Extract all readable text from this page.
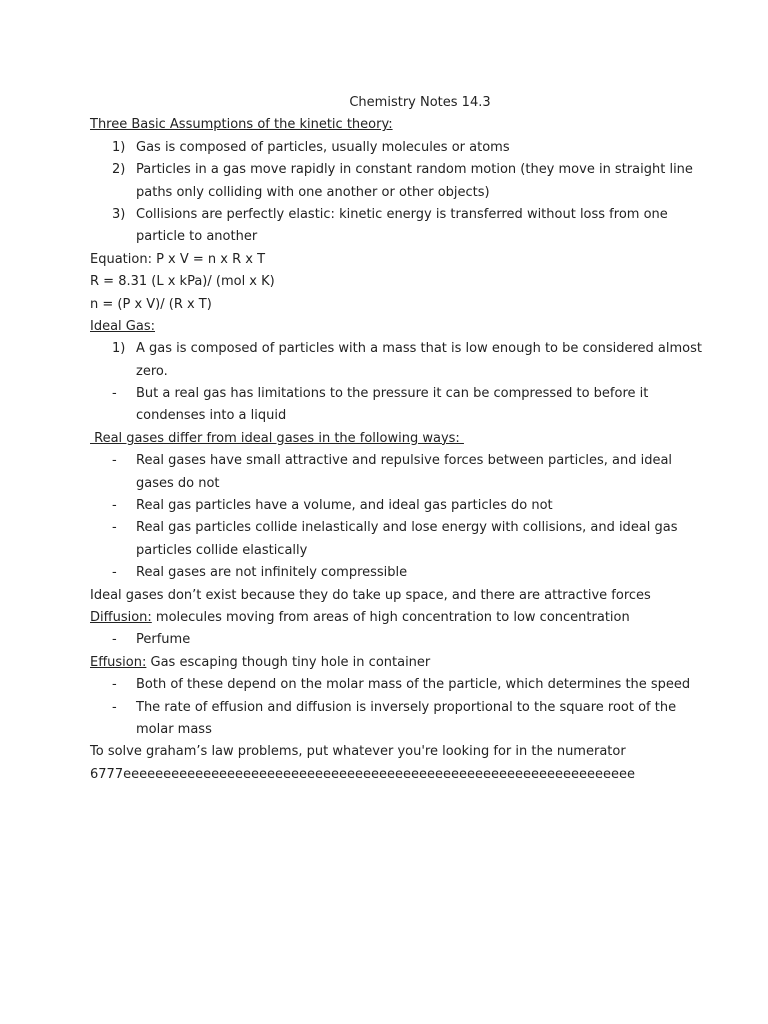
Chemistry Notes 14.3
Three Basic Assumptions of the kinetic theory:
1) Gas is composed of particles, usually molecules or atoms
2) Particles in a gas move rapidly in constant random motion (they move in straight line
paths only colliding with one another or other objects)
3) Collisions are perfectly elastic: kinetic energy is transferred without loss from one
particle to another
Equation: P x V = n x R x T
R = 8.31 (L x kPa)/ (mol x K)
n = (P x V)/ (R x T)
Ideal Gas:
1) A gas is composed of particles with a mass that is low enough to be considered almost
zero.
- But a real gas has limitations to the pressure it can be compressed to before it
condenses into a liquid
Real gases differ from ideal gases in the following ways:
- Real gases have small attractive and repulsive forces between particles, and ideal
gases do not
- Real gas particles have a volume, and ideal gas particles do not
- Real gas particles collide inelastically and lose energy with collisions, and ideal gas
particles collide elastically
- Real gases are not infinitely compressible
Ideal gases don’t exist because they do take up space, and there are attractive forces
Diffusion: molecules moving from areas of high concentration to low concentration
- Perfume
Effusion: Gas escaping though tiny hole in container
- Both of these depend on the molar mass of the particle, which determines the speed
- The rate of effusion and diffusion is inversely proportional to the square root of the
molar mass
To solve graham’s law problems, put whatever you're looking for in the numerator
6777eeeeeeeeeeeeeeeeeeeeeeeeeeeeeeeeeeeeeeeeeeeeeeeeeeeeeeeeeeeeeeee
